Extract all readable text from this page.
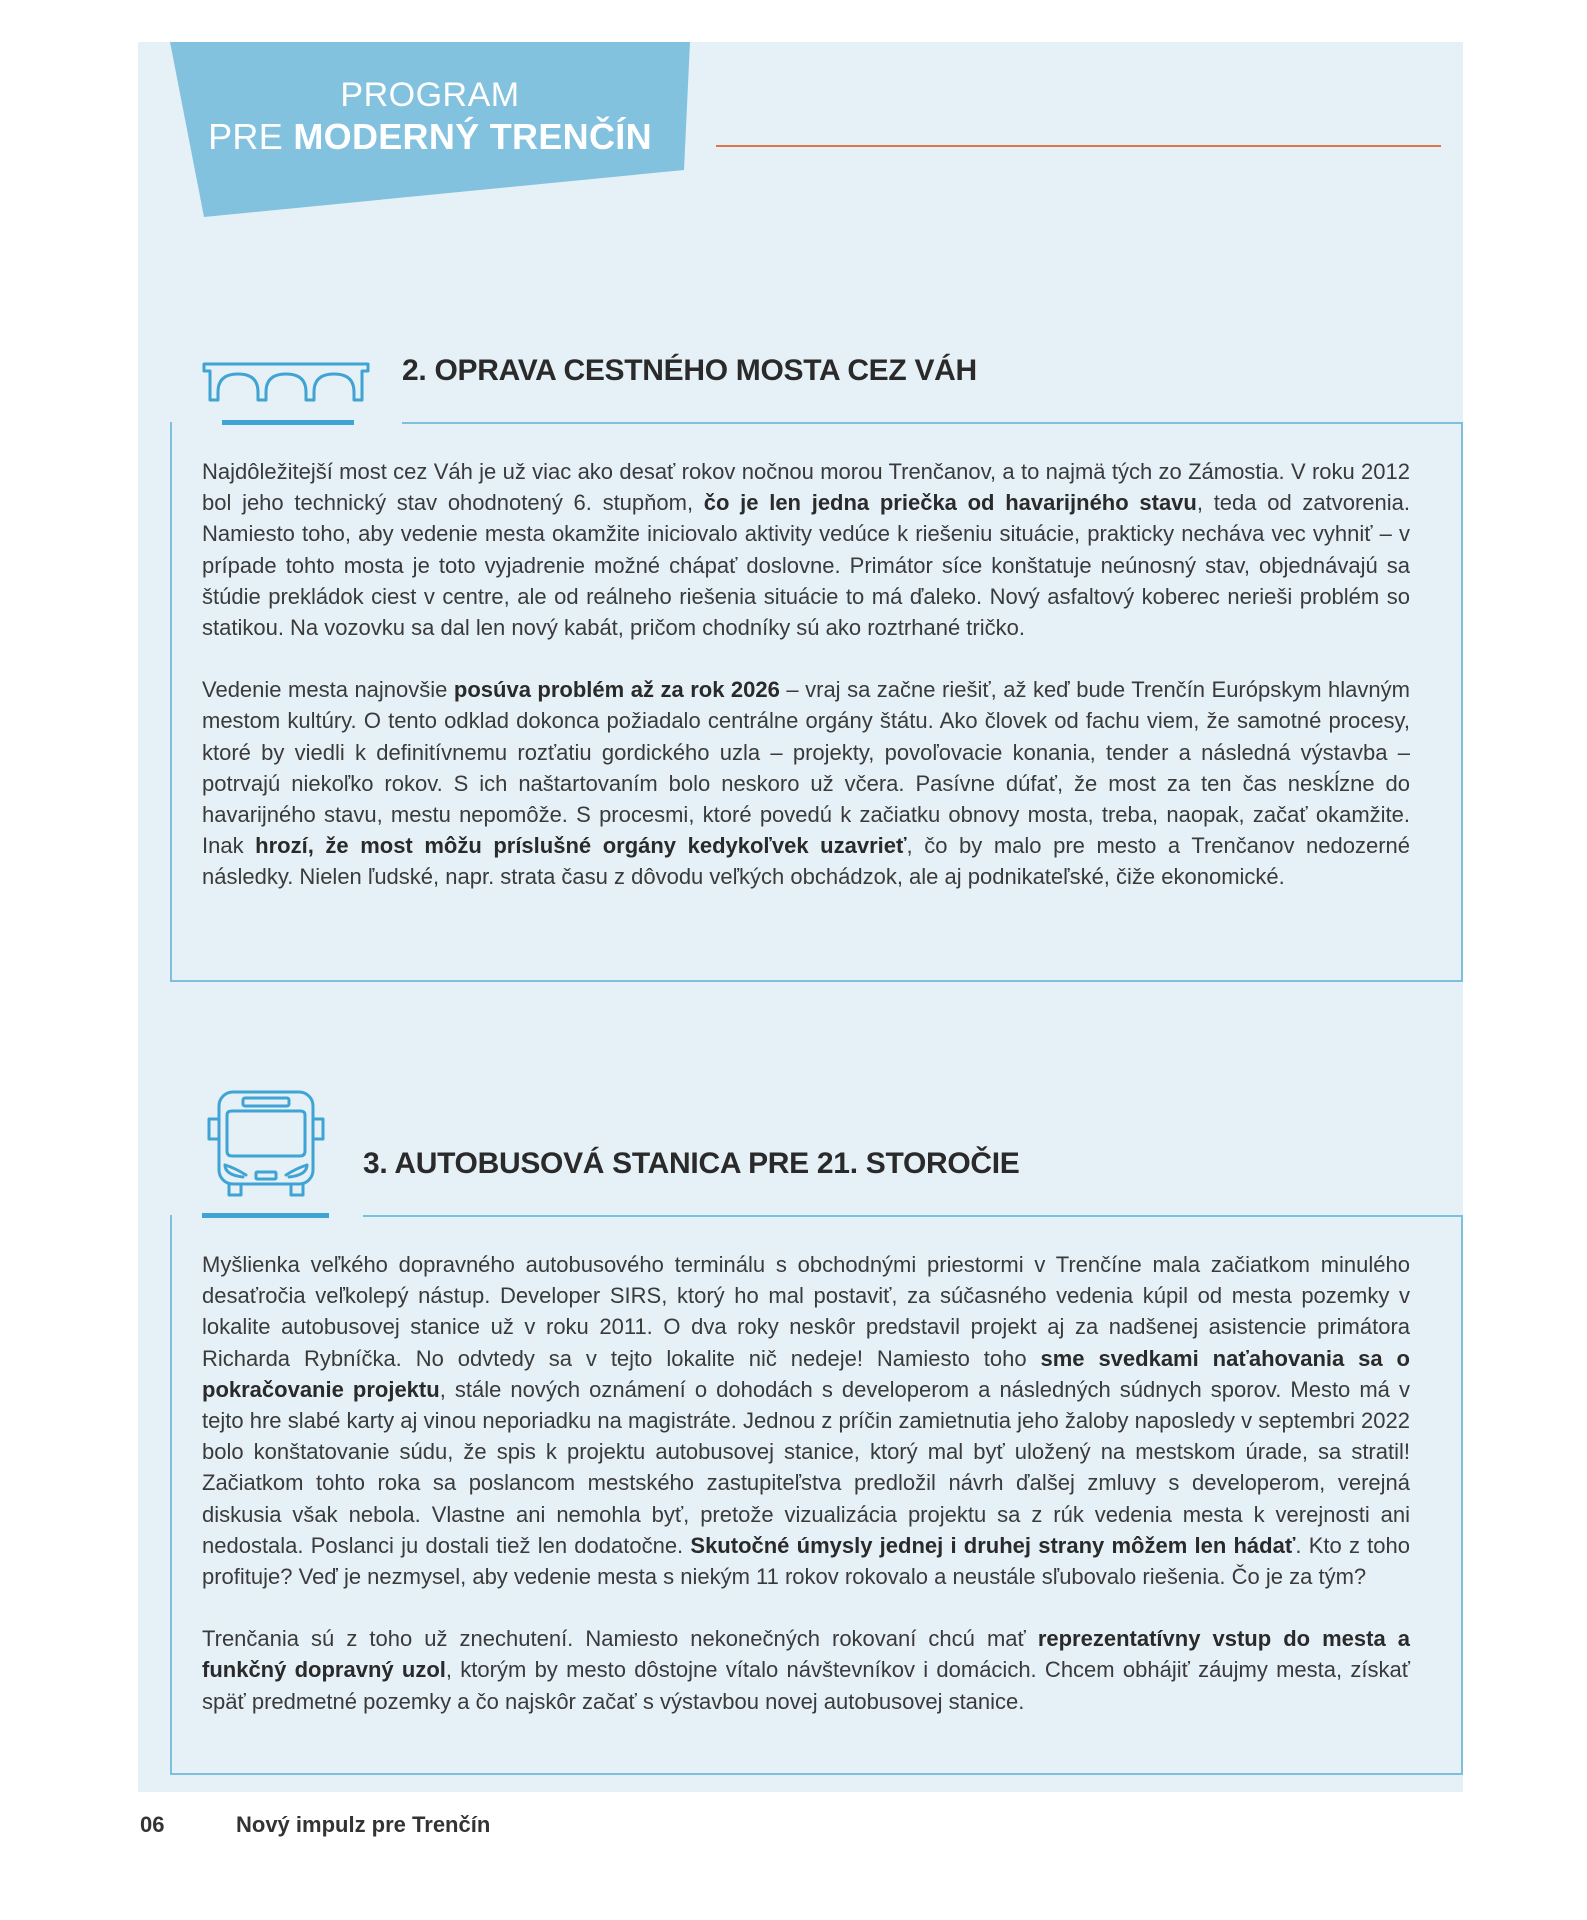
PROGRAM
PRE MODERNÝ TRENČÍN
2. OPRAVA CESTNÉHO MOSTA CEZ VÁH

Najdôležitejší most cez Váh je už viac ako desať rokov nočnou morou Trenčanov, a to najmä tých zo Zámostia. V roku 2012 bol jeho technický stav ohodnotený 6. stupňom, čo je len jedna priečka od havarijného stavu, teda od zatvorenia. Namiesto toho, aby vedenie mesta okamžite iniciovalo aktivity vedúce k riešeniu situácie, prakticky necháva vec vyhniť – v prípade tohto mosta je toto vyjadrenie možné chápať doslovne. Primátor síce konštatuje neúnosný stav, objednávajú sa štúdie prekládok ciest v centre, ale od reálneho riešenia situácie to má ďaleko. Nový asfaltový koberec nerieši problém so statikou. Na vozovku sa dal len nový kabát, pričom chodníky sú ako roztrhané tričko.

Vedenie mesta najnovšie posúva problém až za rok 2026 – vraj sa začne riešiť, až keď bude Trenčín Európskym hlavným mestom kultúry. O tento odklad dokonca požiadalo centrálne orgány štátu. Ako človek od fachu viem, že samotné procesy, ktoré by viedli k definitívnemu rozťatiu gordického uzla – projekty, povoľovacie konania, tender a následná výstavba – potrvajú niekoľko rokov. S ich naštartovaním bolo neskoro už včera. Pasívne dúfať, že most za ten čas neskĺzne do havarijného stavu, mestu nepomôže. S procesmi, ktoré povedú k začiatku obnovy mosta, treba, naopak, začať okamžite. Inak hrozí, že most môžu príslušné orgány kedykoľvek uzavrieť, čo by malo pre mesto a Trenčanov nedozerné následky. Nielen ľudské, napr. strata času z dôvodu veľkých obchádzok, ale aj podnikateľské, čiže ekonomické.

3. AUTOBUSOVÁ STANICA PRE 21. STOROČIE

Myšlienka veľkého dopravného autobusového terminálu s obchodnými priestormi v Trenčíne mala začiatkom minulého desaťročia veľkolepý nástup. Developer SIRS, ktorý ho mal postaviť, za súčasného vedenia kúpil od mesta pozemky v lokalite autobusovej stanice už v roku 2011. O dva roky neskôr predstavil projekt aj za nadšenej asistencie primátora Richarda Rybníčka. No odvtedy sa v tejto lokalite nič nedeje! Namiesto toho sme svedkami naťahovania sa o pokračovanie projektu, stále nových oznámení o dohodách s developerom a následných súdnych sporov. Mesto má v tejto hre slabé karty aj vinou neporiadku na magistráte. Jednou z príčin zamietnutia jeho žaloby naposledy v septembri 2022 bolo konštatovanie súdu, že spis k projektu autobusovej stanice, ktorý mal byť uložený na mestskom úrade, sa stratil! Začiatkom tohto roka sa poslancom mestského zastupiteľstva predložil návrh ďalšej zmluvy s developerom, verejná diskusia však nebola. Vlastne ani nemohla byť, pretože vizualizácia projektu sa z rúk vedenia mesta k verejnosti ani nedostala. Poslanci ju dostali tiež len dodatočne. Skutočné úmysly jednej i druhej strany môžem len hádať. Kto z toho profituje? Veď je nezmysel, aby vedenie mesta s niekým 11 rokov rokovalo a neustále sľubovalo riešenia. Čo je za tým?

Trenčania sú z toho už znechutení. Namiesto nekonečných rokovaní chcú mať reprezentatívny vstup do mesta a funkčný dopravný uzol, ktorým by mesto dôstojne vítalo návštevníkov i domácich. Chcem obhájiť záujmy mesta, získať späť predmetné pozemky a čo najskôr začať s výstavbou novej autobusovej stanice.

06	Nový impulz pre Trenčín
